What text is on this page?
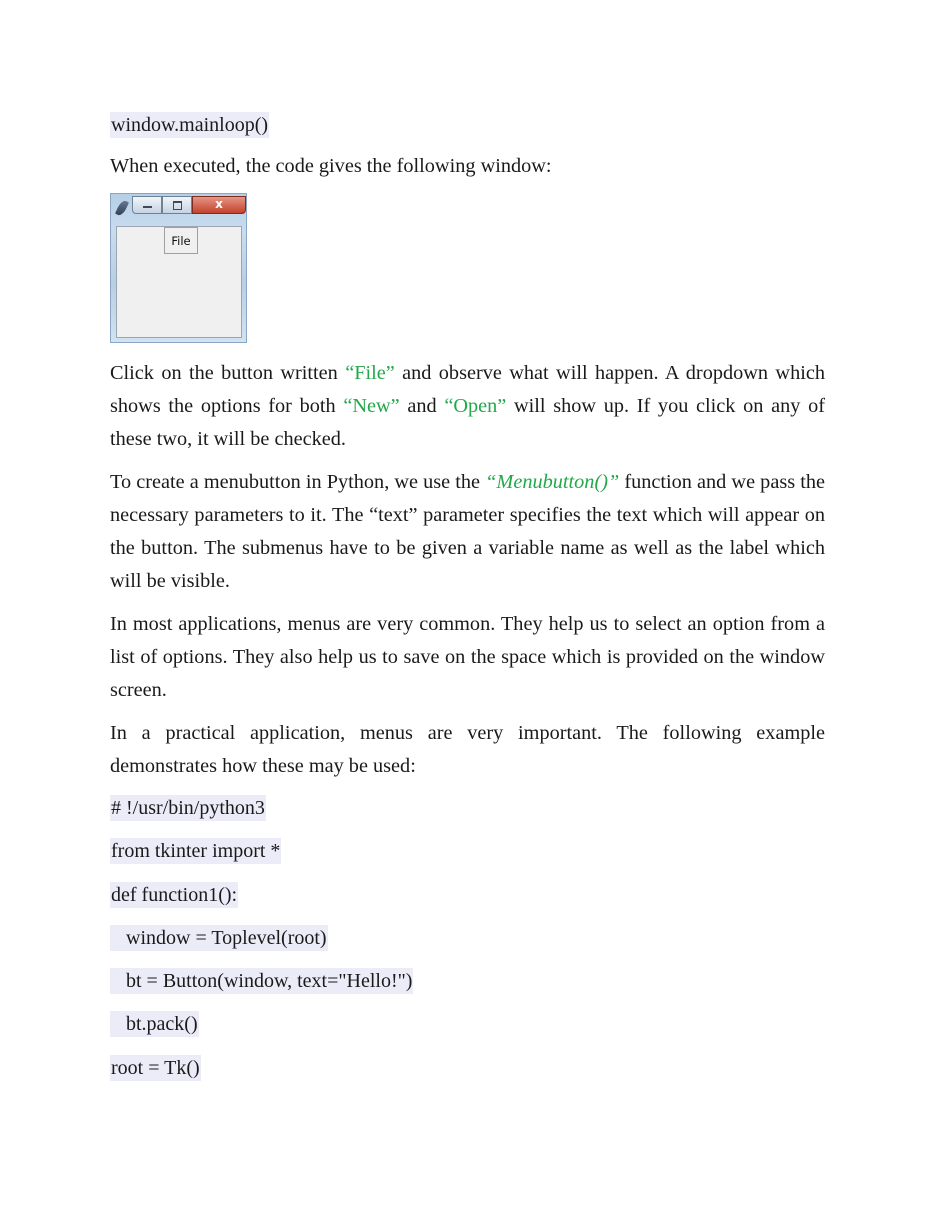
window.mainloop()

When executed, the code gives the following window:

x
File

Click on the button written “File” and observe what will happen. A dropdown which shows the options for both “New” and “Open” will show up. If you click on any of these two, it will be checked.

To create a menubutton in Python, we use the “Menubutton()” function and we pass the necessary parameters to it. The “text” parameter specifies the text which will appear on the button. The submenus have to be given a variable name as well as the label which will be visible.

In most applications, menus are very common. They help us to select an option from a list of options. They also help us to save on the space which is provided on the window screen.

In a practical application, menus are very important. The following example demonstrates how these may be used:

# !/usr/bin/python3
from tkinter import *
def function1():
window = Toplevel(root)
bt = Button(window, text="Hello!")
bt.pack()
root = Tk()
